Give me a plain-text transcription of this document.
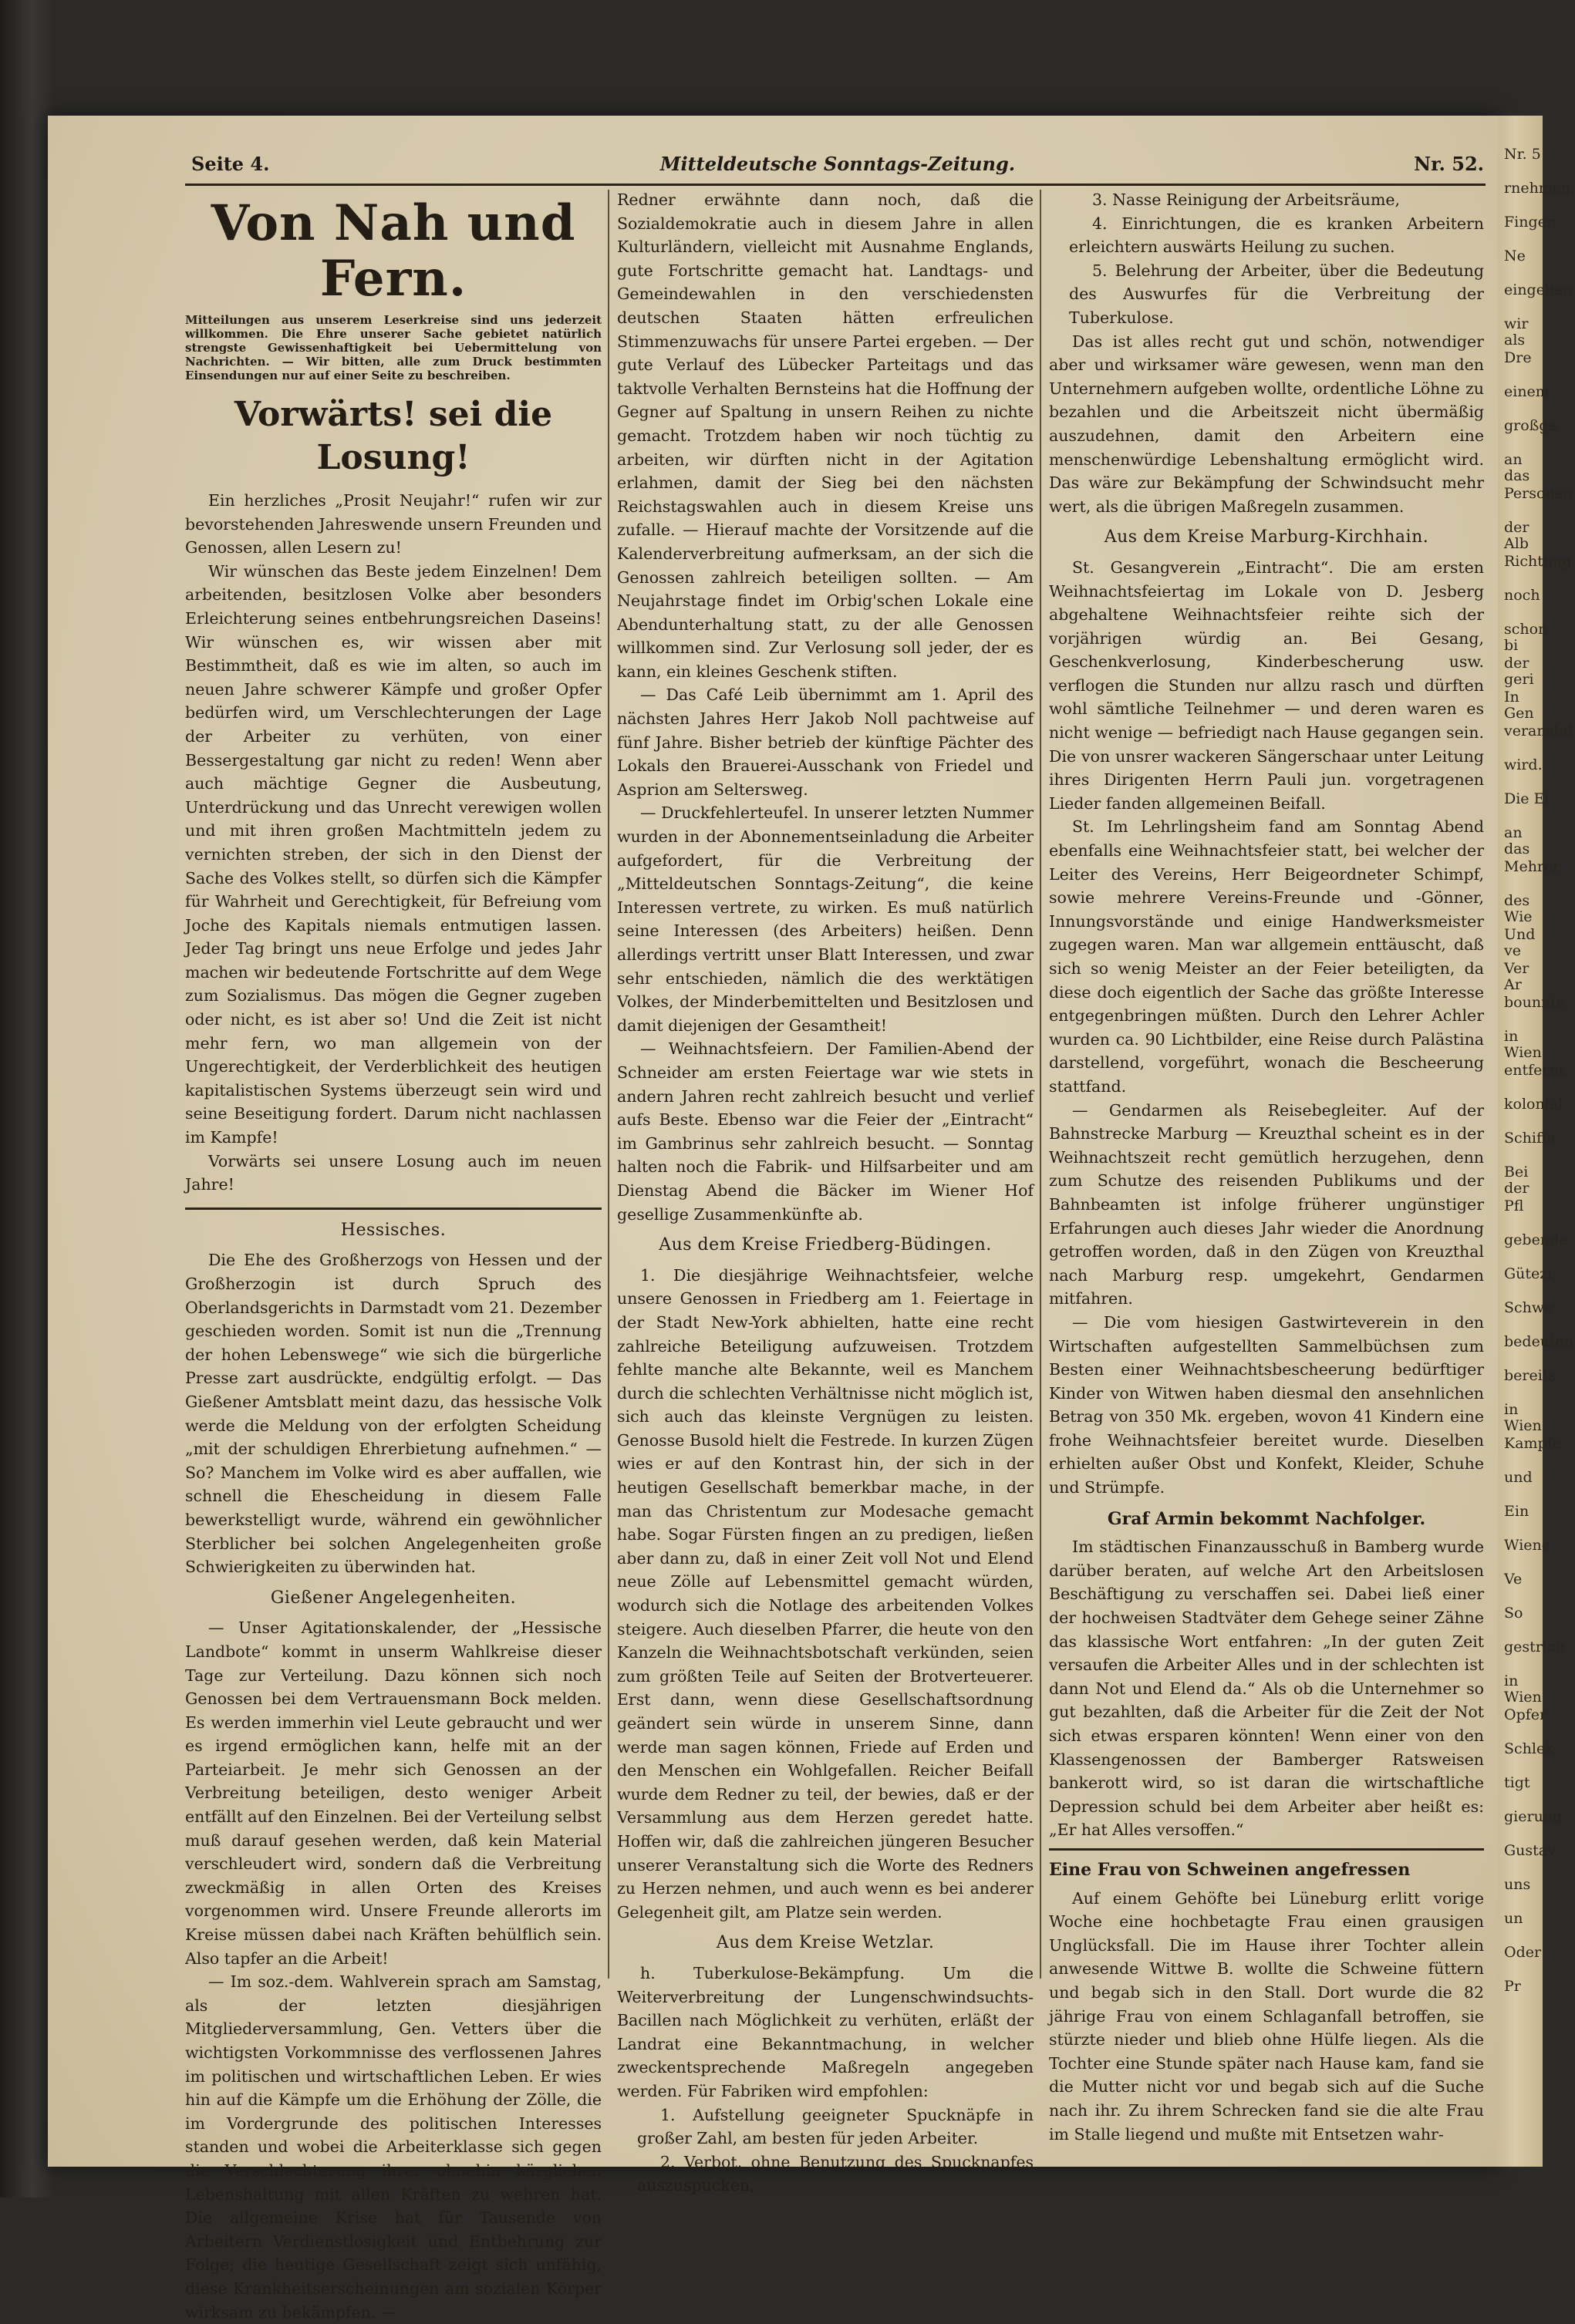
Nr. 5
rnehmen,
Finger.
Ne
eingehen
wir als
Dre
einem
großge
an das
Personen
der Alb
Richtung
noch
schon bi
der geri
In Gen
veranstal
wird.
Die Ei
an das
Mehrer
des Wie
Und ve
Ver Ar
bounnte
in Wien
entfernt
kolonial
Schiffa
Bei der
Pfl
gebende
Gütezi
Schwe
bedeuten
bereits
in Wien
Kampfe
und
Ein
Wiene
Ve
So
gestrich
in Wien
Opfer
Schlek
tigt
gierung
Gustav
uns
un
Oder
Pr
Seite 4.	Mitteldeutsche Sonntags-Zeitung.	Nr. 52.
Von Nah und Fern.
Mitteilungen aus unserem Leserkreise sind uns jederzeit willkommen. Die Ehre unserer Sache gebietet natürlich strengste Gewissenhaftigkeit bei Uebermittelung von Nachrichten. — Wir bitten, alle zum Druck bestimmten Einsendungen nur auf einer Seite zu beschreiben.
Vorwärts! sei die Losung!

Ein herzliches „Prosit Neujahr!“ rufen wir zur bevorstehenden Jahreswende unsern Freunden und Genossen, allen Lesern zu!

Wir wünschen das Beste jedem Einzelnen! Dem arbeitenden, besitzlosen Volke aber besonders Erleichterung seines entbehrungsreichen Daseins! Wir wünschen es, wir wissen aber mit Bestimmtheit, daß es wie im alten, so auch im neuen Jahre schwerer Kämpfe und großer Opfer bedürfen wird, um Verschlechterungen der Lage der Arbeiter zu verhüten, von einer Bessergestaltung gar nicht zu reden! Wenn aber auch mächtige Gegner die Ausbeutung, Unterdrückung und das Unrecht verewigen wollen und mit ihren großen Machtmitteln jedem zu vernichten streben, der sich in den Dienst der Sache des Volkes stellt, so dürfen sich die Kämpfer für Wahrheit und Gerechtigkeit, für Befreiung vom Joche des Kapitals niemals entmutigen lassen. Jeder Tag bringt uns neue Erfolge und jedes Jahr machen wir bedeutende Fortschritte auf dem Wege zum Sozialismus. Das mögen die Gegner zugeben oder nicht, es ist aber so! Und die Zeit ist nicht mehr fern, wo man allgemein von der Ungerechtigkeit, der Verderblichkeit des heutigen kapitalistischen Systems überzeugt sein wird und seine Beseitigung fordert. Darum nicht nachlassen im Kampfe!

Vorwärts sei unsere Losung auch im neuen Jahre!

Hessisches.

Die Ehe des Großherzogs von Hessen und der Großherzogin ist durch Spruch des Oberlandsgerichts in Darmstadt vom 21. Dezember geschieden worden. Somit ist nun die „Trennung der hohen Lebenswege“ wie sich die bürgerliche Presse zart ausdrückte, endgültig erfolgt. — Das Gießener Amtsblatt meint dazu, das hessische Volk werde die Meldung von der erfolgten Scheidung „mit der schuldigen Ehrerbietung aufnehmen.“ — So? Manchem im Volke wird es aber auffallen, wie schnell die Ehescheidung in diesem Falle bewerkstelligt wurde, während ein gewöhnlicher Sterblicher bei solchen Angelegenheiten große Schwierigkeiten zu überwinden hat.

Gießener Angelegenheiten.

— Unser Agitationskalender, der „Hessische Landbote“ kommt in unserm Wahlkreise dieser Tage zur Verteilung. Dazu können sich noch Genossen bei dem Vertrauensmann Bock melden. Es werden immerhin viel Leute gebraucht und wer es irgend ermöglichen kann, helfe mit an der Parteiarbeit. Je mehr sich Genossen an der Verbreitung beteiligen, desto weniger Arbeit entfällt auf den Einzelnen. Bei der Verteilung selbst muß darauf gesehen werden, daß kein Material verschleudert wird, sondern daß die Verbreitung zweckmäßig in allen Orten des Kreises vorgenommen wird. Unsere Freunde allerorts im Kreise müssen dabei nach Kräften behülflich sein. Also tapfer an die Arbeit!

— Im soz.-dem. Wahlverein sprach am Samstag, als der letzten diesjährigen Mitgliederversammlung, Gen. Vetters über die wichtigsten Vorkommnisse des verflossenen Jahres im politischen und wirtschaftlichen Leben. Er wies hin auf die Kämpfe um die Erhöhung der Zölle, die im Vordergrunde des politischen Interesses standen und wobei die Arbeiterklasse sich gegen die Verschlechterung ihrer ohnehin kärglichen Lebenshaltung mit allen Kräften zu wehren hat. Die allgemeine Krise hat für Tausende von Arbeitern Verdienstlosigkeit und Entbehrung zur Folge; die heutige Gesellschaft zeigt sich unfähig, diese Krankheitserscheinungen am sozialen Körper wirksam zu bekämpfen. —

Redner erwähnte dann noch, daß die Sozialdemokratie auch in diesem Jahre in allen Kulturländern, vielleicht mit Ausnahme Englands, gute Fortschritte gemacht hat. Landtags- und Gemeindewahlen in den verschiedensten deutschen Staaten hätten erfreulichen Stimmenzuwachs für unsere Partei ergeben. — Der gute Verlauf des Lübecker Parteitags und das taktvolle Verhalten Bernsteins hat die Hoffnung der Gegner auf Spaltung in unsern Reihen zu nichte gemacht. Trotzdem haben wir noch tüchtig zu arbeiten, wir dürften nicht in der Agitation erlahmen, damit der Sieg bei den nächsten Reichstagswahlen auch in diesem Kreise uns zufalle. — Hierauf machte der Vorsitzende auf die Kalenderverbreitung aufmerksam, an der sich die Genossen zahlreich beteiligen sollten. — Am Neujahrstage findet im Orbig'schen Lokale eine Abendunterhaltung statt, zu der alle Genossen willkommen sind. Zur Verlosung soll jeder, der es kann, ein kleines Geschenk stiften.

— Das Café Leib übernimmt am 1. April des nächsten Jahres Herr Jakob Noll pachtweise auf fünf Jahre. Bisher betrieb der künftige Pächter des Lokals den Brauerei-Ausschank von Friedel und Asprion am Seltersweg.

— Druckfehlerteufel. In unserer letzten Nummer wurden in der Abonnementseinladung die Arbeiter aufgefordert, für die Verbreitung der „Mitteldeutschen Sonntags-Zeitung“, die keine Interessen vertrete, zu wirken. Es muß natürlich seine Interessen (des Arbeiters) heißen. Denn allerdings vertritt unser Blatt Interessen, und zwar sehr entschieden, nämlich die des werktätigen Volkes, der Minderbemittelten und Besitzlosen und damit diejenigen der Gesamtheit!

— Weihnachtsfeiern. Der Familien-Abend der Schneider am ersten Feiertage war wie stets in andern Jahren recht zahlreich besucht und verlief aufs Beste. Ebenso war die Feier der „Eintracht“ im Gambrinus sehr zahlreich besucht. — Sonntag halten noch die Fabrik- und Hilfsarbeiter und am Dienstag Abend die Bäcker im Wiener Hof gesellige Zusammenkünfte ab.

Aus dem Kreise Friedberg-Büdingen.

1. Die diesjährige Weihnachtsfeier, welche unsere Genossen in Friedberg am 1. Feiertage in der Stadt New-York abhielten, hatte eine recht zahlreiche Beteiligung aufzuweisen. Trotzdem fehlte manche alte Bekannte, weil es Manchem durch die schlechten Verhältnisse nicht möglich ist, sich auch das kleinste Vergnügen zu leisten. Genosse Busold hielt die Festrede. In kurzen Zügen wies er auf den Kontrast hin, der sich in der heutigen Gesellschaft bemerkbar mache, in der man das Christentum zur Modesache gemacht habe. Sogar Fürsten fingen an zu predigen, ließen aber dann zu, daß in einer Zeit voll Not und Elend neue Zölle auf Lebensmittel gemacht würden, wodurch sich die Notlage des arbeitenden Volkes steigere. Auch dieselben Pfarrer, die heute von den Kanzeln die Weihnachtsbotschaft verkünden, seien zum größten Teile auf Seiten der Brotverteuerer. Erst dann, wenn diese Gesellschaftsordnung geändert sein würde in unserem Sinne, dann werde man sagen können, Friede auf Erden und den Menschen ein Wohlgefallen. Reicher Beifall wurde dem Redner zu teil, der bewies, daß er der Versammlung aus dem Herzen geredet hatte. Hoffen wir, daß die zahlreichen jüngeren Besucher unserer Veranstaltung sich die Worte des Redners zu Herzen nehmen, und auch wenn es bei anderer Gelegenheit gilt, am Platze sein werden.

Aus dem Kreise Wetzlar.

h. Tuberkulose-Bekämpfung. Um die Weiterverbreitung der Lungenschwindsuchts-Bacillen nach Möglichkeit zu verhüten, erläßt der Landrat eine Bekanntmachung, in welcher zweckentsprechende Maßregeln angegeben werden. Für Fabriken wird empfohlen:

1. Aufstellung geeigneter Spucknäpfe in großer Zahl, am besten für jeden Arbeiter.

2. Verbot, ohne Benutzung des Spucknapfes auszuspucken,

3. Nasse Reinigung der Arbeitsräume,

4. Einrichtungen, die es kranken Arbeitern erleichtern auswärts Heilung zu suchen.

5. Belehrung der Arbeiter, über die Bedeutung des Auswurfes für die Verbreitung der Tuberkulose.

Das ist alles recht gut und schön, notwendiger aber und wirksamer wäre gewesen, wenn man den Unternehmern aufgeben wollte, ordentliche Löhne zu bezahlen und die Arbeitszeit nicht übermäßig auszudehnen, damit den Arbeitern eine menschenwürdige Lebenshaltung ermöglicht wird. Das wäre zur Bekämpfung der Schwindsucht mehr wert, als die übrigen Maßregeln zusammen.

Aus dem Kreise Marburg-Kirchhain.

St. Gesangverein „Eintracht“. Die am ersten Weihnachtsfeiertag im Lokale von D. Jesberg abgehaltene Weihnachtsfeier reihte sich der vorjährigen würdig an. Bei Gesang, Geschenkverlosung, Kinderbescherung usw. verflogen die Stunden nur allzu rasch und dürften wohl sämtliche Teilnehmer — und deren waren es nicht wenige — befriedigt nach Hause gegangen sein. Die von unsrer wackeren Sängerschaar unter Leitung ihres Dirigenten Herrn Pauli jun. vorgetragenen Lieder fanden allgemeinen Beifall.

St. Im Lehrlingsheim fand am Sonntag Abend ebenfalls eine Weihnachtsfeier statt, bei welcher der Leiter des Vereins, Herr Beigeordneter Schimpf, sowie mehrere Vereins-Freunde und -Gönner, Innungsvorstände und einige Handwerksmeister zugegen waren. Man war allgemein enttäuscht, daß sich so wenig Meister an der Feier beteiligten, da diese doch eigentlich der Sache das größte Interesse entgegenbringen müßten. Durch den Lehrer Achler wurden ca. 90 Lichtbilder, eine Reise durch Palästina darstellend, vorgeführt, wonach die Bescheerung stattfand.

— Gendarmen als Reisebegleiter. Auf der Bahnstrecke Marburg — Kreuzthal scheint es in der Weihnachtszeit recht gemütlich herzugehen, denn zum Schutze des reisenden Publikums und der Bahnbeamten ist infolge früherer ungünstiger Erfahrungen auch dieses Jahr wieder die Anordnung getroffen worden, daß in den Zügen von Kreuzthal nach Marburg resp. umgekehrt, Gendarmen mitfahren.

— Die vom hiesigen Gastwirteverein in den Wirtschaften aufgestellten Sammelbüchsen zum Besten einer Weihnachtsbescheerung bedürftiger Kinder von Witwen haben diesmal den ansehnlichen Betrag von 350 Mk. ergeben, wovon 41 Kindern eine frohe Weihnachtsfeier bereitet wurde. Dieselben erhielten außer Obst und Konfekt, Kleider, Schuhe und Strümpfe.

Graf Armin bekommt Nachfolger.

Im städtischen Finanzausschuß in Bamberg wurde darüber beraten, auf welche Art den Arbeitslosen Beschäftigung zu verschaffen sei. Dabei ließ einer der hochweisen Stadtväter dem Gehege seiner Zähne das klassische Wort entfahren: „In der guten Zeit versaufen die Arbeiter Alles und in der schlechten ist dann Not und Elend da.“ Als ob die Unternehmer so gut bezahlten, daß die Arbeiter für die Zeit der Not sich etwas ersparen könnten! Wenn einer von den Klassengenossen der Bamberger Ratsweisen bankerott wird, so ist daran die wirtschaftliche Depression schuld bei dem Arbeiter aber heißt es: „Er hat Alles versoffen.“

Eine Frau von Schweinen angefressen

Auf einem Gehöfte bei Lüneburg erlitt vorige Woche eine hochbetagte Frau einen grausigen Unglücksfall. Die im Hause ihrer Tochter allein anwesende Wittwe B. wollte die Schweine füttern und begab sich in den Stall. Dort wurde die 82 jährige Frau von einem Schlaganfall betroffen, sie stürzte nieder und blieb ohne Hülfe liegen. Als die Tochter eine Stunde später nach Hause kam, fand sie die Mutter nicht vor und begab sich auf die Suche nach ihr. Zu ihrem Schrecken fand sie die alte Frau im Stalle liegend und mußte mit Entsetzen wahr-
